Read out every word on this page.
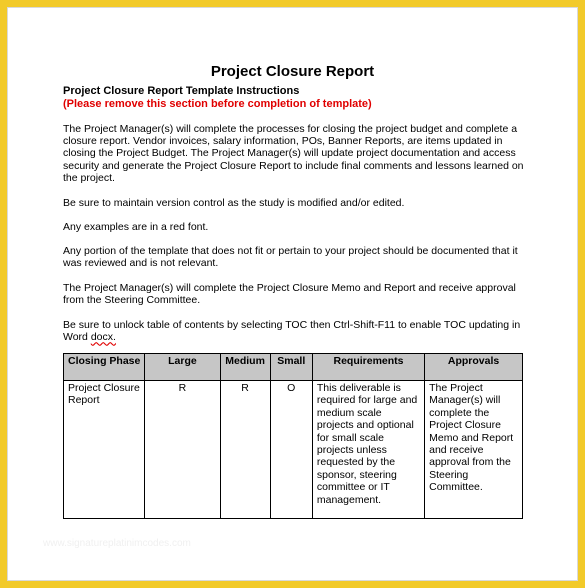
Project Closure Report
Project Closure Report Template Instructions
(Please remove this section before completion of template)
The Project Manager(s) will complete the processes for closing the project budget and complete a closure report. Vendor invoices, salary information, POs, Banner Reports, are items updated in closing the Project Budget. The Project Manager(s) will update project documentation and access security and generate the Project Closure Report to include final comments and lessons learned on the project.
Be sure to maintain version control as the study is modified and/or edited.
Any examples are in a red font.
Any portion of the template that does not fit or pertain to your project should be documented that it was reviewed and is not relevant.
The Project Manager(s) will complete the Project Closure Memo and Report and receive approval from the Steering Committee.
Be sure to unlock table of contents by selecting TOC then Ctrl-Shift-F11 to enable TOC updating in Word docx.
Closing Phase	Large	Medium	Small	Requirements	Approvals
Project Closure Report	R	R	O	This deliverable is required for large and medium scale projects and optional for small scale projects unless requested by the sponsor, steering committee or IT management.	The Project Manager(s) will complete the Project Closure Memo and Report and receive approval from the Steering Committee.
www.signatureplatinimcodes.com
